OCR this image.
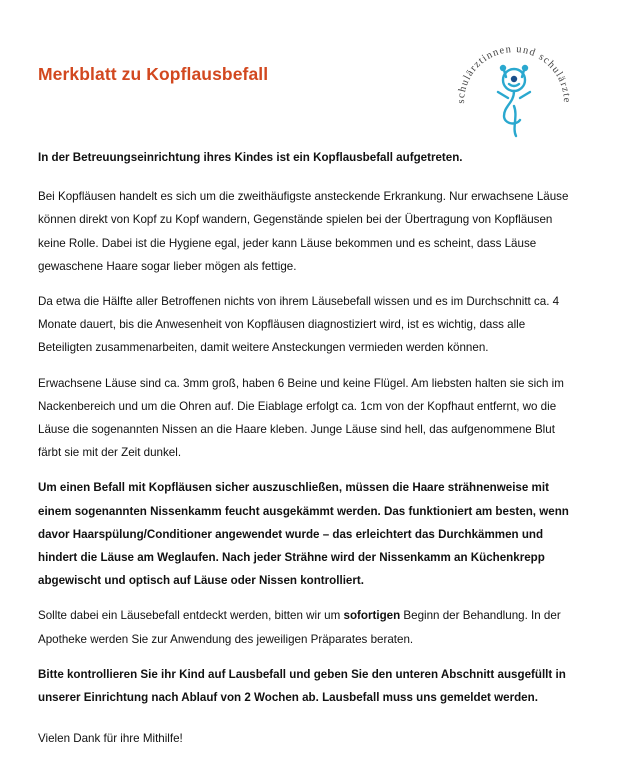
Merkblatt zu Kopflausbefall
schulärztinnen und schulärzte

In der Betreuungseinrichtung ihres Kindes ist ein Kopflausbefall aufgetreten.

Bei Kopfläusen handelt es sich um die zweithäufigste ansteckende Erkrankung. Nur erwachsene Läuse können direkt von Kopf zu Kopf wandern, Gegenstände spielen bei der Übertragung von Kopfläusen keine Rolle. Dabei ist die Hygiene egal, jeder kann Läuse bekommen und es scheint, dass Läuse gewaschene Haare sogar lieber mögen als fettige.

Da etwa die Hälfte aller Betroffenen nichts von ihrem Läusebefall wissen und es im Durchschnitt ca. 4 Monate dauert, bis die Anwesenheit von Kopfläusen diagnostiziert wird, ist es wichtig, dass alle Beteiligten zusammenarbeiten, damit weitere Ansteckungen vermieden werden können.

Erwachsene Läuse sind ca. 3mm groß, haben 6 Beine und keine Flügel. Am liebsten halten sie sich im Nackenbereich und um die Ohren auf. Die Eiablage erfolgt ca. 1cm von der Kopfhaut entfernt, wo die Läuse die sogenannten Nissen an die Haare kleben. Junge Läuse sind hell, das aufgenommene Blut färbt sie mit der Zeit dunkel.

Um einen Befall mit Kopfläusen sicher auszuschließen, müssen die Haare strähnenweise mit einem sogenannten Nissenkamm feucht ausgekämmt werden. Das funktioniert am besten, wenn davor Haarspülung/Conditioner angewendet wurde – das erleichtert das Durchkämmen und hindert die Läuse am Weglaufen. Nach jeder Strähne wird der Nissenkamm an Küchenkrepp abgewischt und optisch auf Läuse oder Nissen kontrolliert.

Sollte dabei ein Läusebefall entdeckt werden, bitten wir um sofortigen Beginn der Behandlung. In der Apotheke werden Sie zur Anwendung des jeweiligen Präparates beraten.

Bitte kontrollieren Sie ihr Kind auf Lausbefall und geben Sie den unteren Abschnitt ausgefüllt in unserer Einrichtung nach Ablauf von 2 Wochen ab. Lausbefall muss uns gemeldet werden.

Vielen Dank für ihre Mithilfe!
